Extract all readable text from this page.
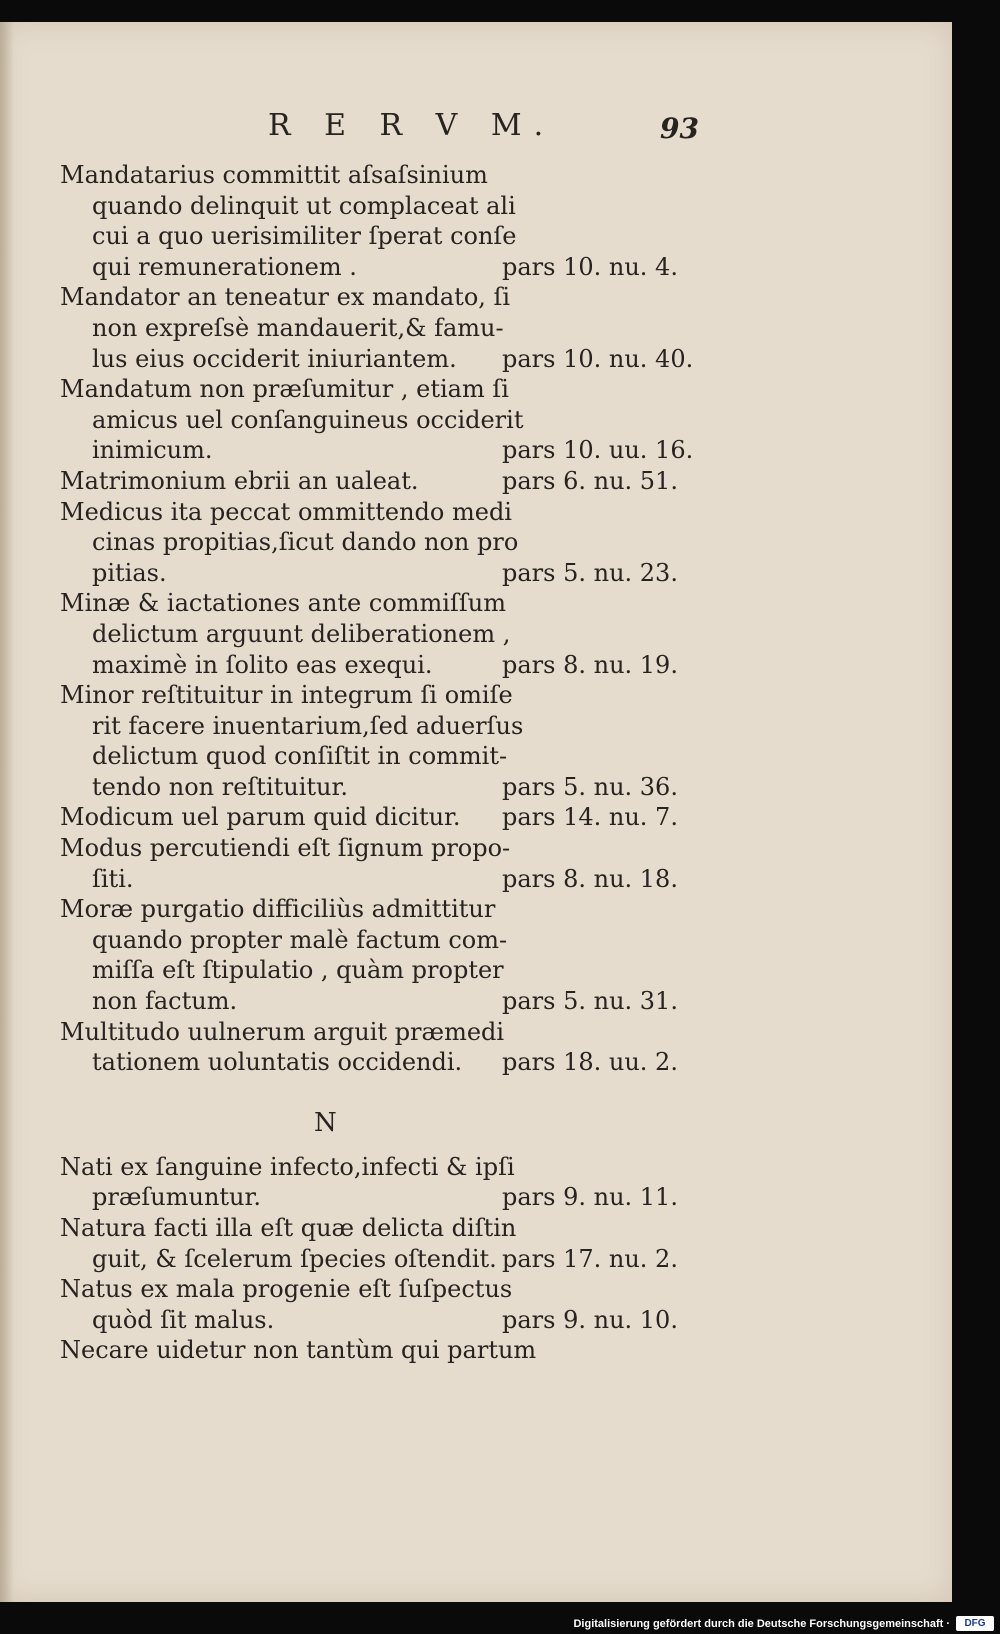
R E R V M.	93
Mandatarius committit aſsaſsinium
quando delinquit ut complaceat ali
cui a quo uerisimiliter ſperat conſe
qui remunerationem .	pars 10. nu. 4.
Mandator an teneatur ex mandato, ſi
non expreſsè mandauerit,& famu-
lus eius occiderit iniuriantem. pars 10. nu. 40.
Mandatum non præſumitur , etiam ſi
amicus uel conſanguineus occiderit
inimicum.	pars 10. uu. 16.
Matrimonium ebrii an ualeat.	pars 6. nu. 51.
Medicus ita peccat ommittendo medi
cinas propitias,ſicut dando non pro
pitias.	pars 5. nu. 23.
Minæ & iactationes ante commiſſum
delictum arguunt deliberationem ,
maximè in ſolito eas exequi.	pars 8. nu. 19.
Minor reſtituitur in integrum ſi omiſe
rit facere inuentarium,ſed aduerſus
delictum quod conſiſtit in commit-
tendo non reſtituitur.	pars 5. nu. 36.
Modicum uel parum quid dicitur. pars 14. nu. 7.
Modus percutiendi eſt ſignum propo-
ſiti.	pars 8. nu. 18.
Moræ purgatio difficiliùs admittitur
quando propter malè factum com-
miſſa eſt ſtipulatio , quàm propter
non factum.	pars 5. nu. 31.
Multitudo uulnerum arguit præmedi
tationem uoluntatis occidendi. pars 18. uu. 2.
N
Nati ex ſanguine infecto,infecti & ipſi
præſumuntur.	pars 9. nu. 11.
Natura facti illa eſt quæ delicta diſtin
guit, & ſcelerum ſpecies oſtendit. pars 17. nu. 2.
Natus ex mala progenie eſt ſuſpectus
quòd ſit malus.	pars 9. nu. 10.
Necare uidetur non tantùm qui partum
Digitalisierung gefördert durch die Deutsche Forschungsgemeinschaft ·	DFG
